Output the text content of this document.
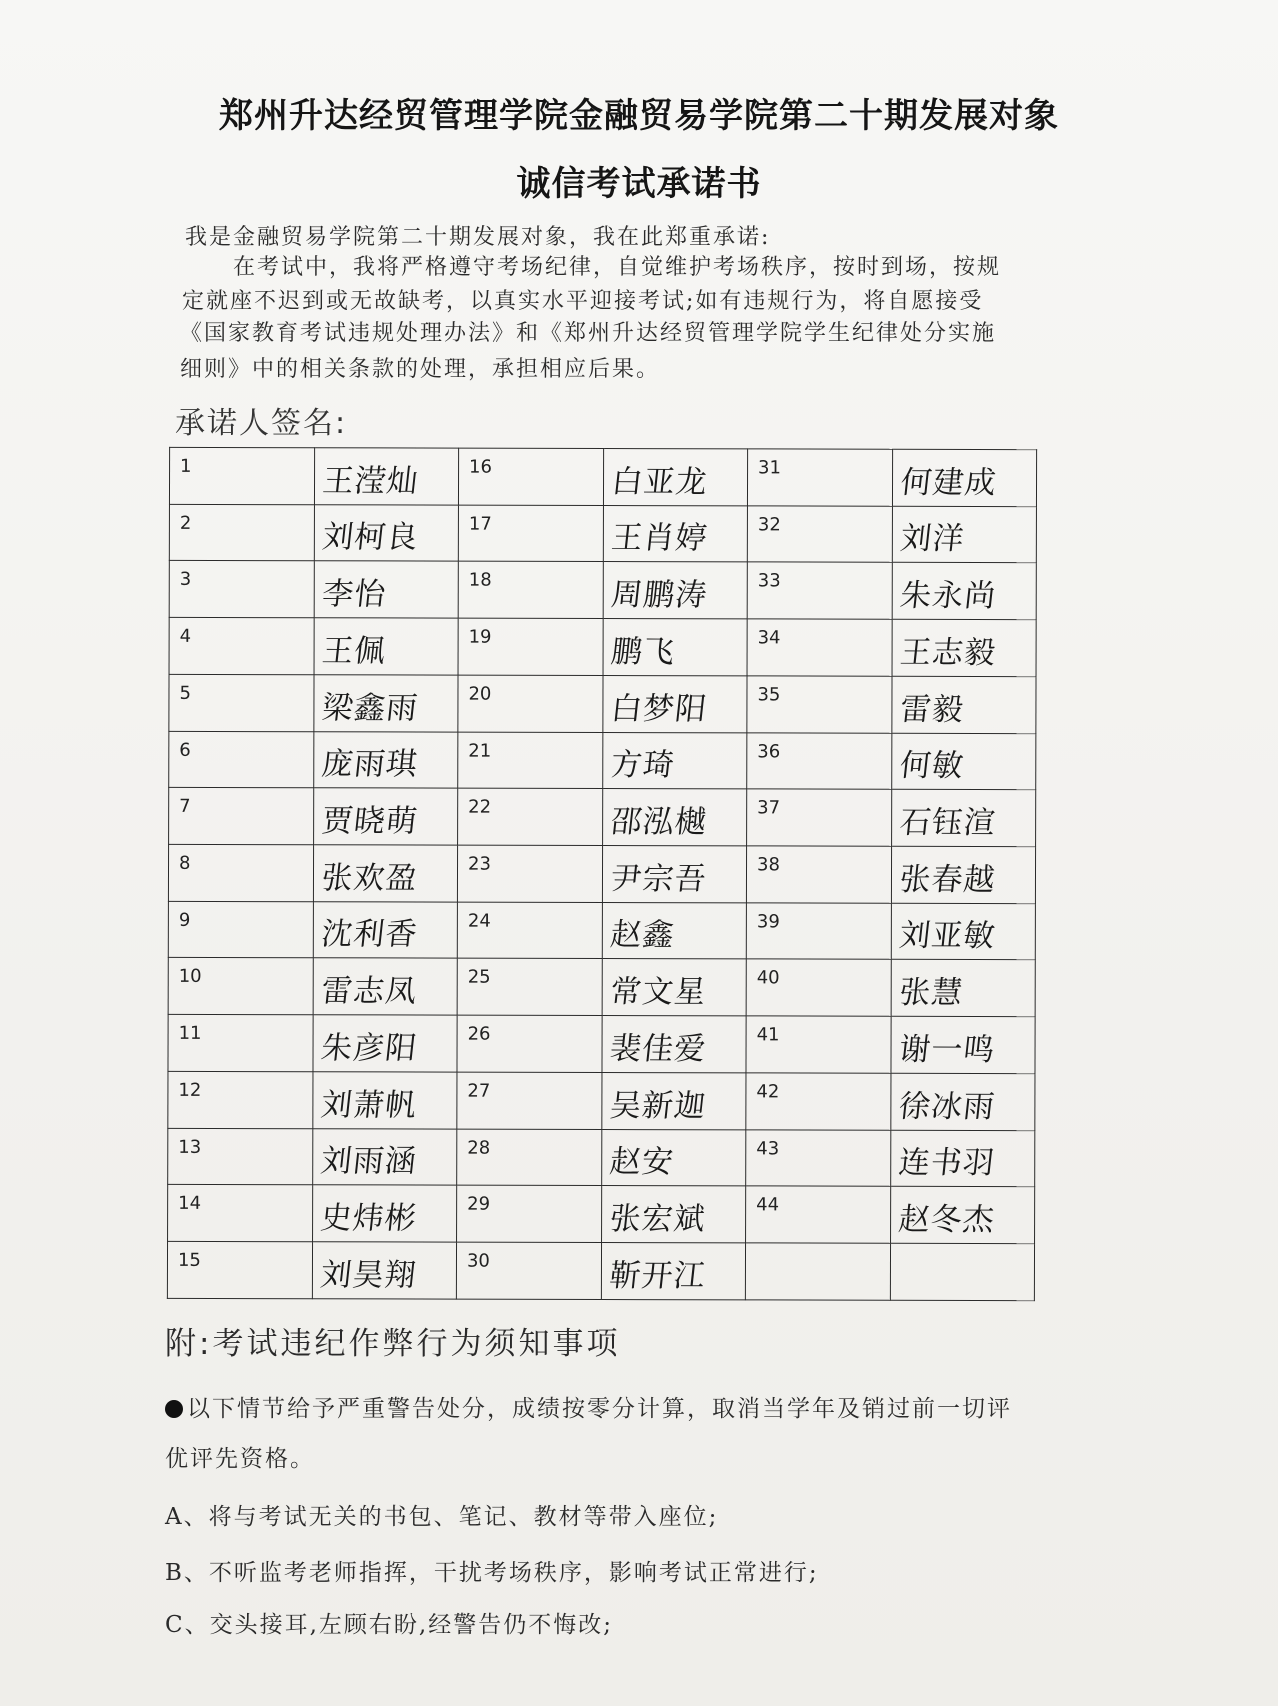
郑州升达经贸管理学院金融贸易学院第二十期发展对象
诚信考试承诺书
我是金融贸易学院第二十期发展对象，我在此郑重承诺:
在考试中，我将严格遵守考场纪律，自觉维护考场秩序，按时到场，按规
定就座不迟到或无故缺考，以真实水平迎接考试;如有违规行为，将自愿接受
《国家教育考试违规处理办法》和《郑州升达经贸管理学院学生纪律处分实施
细则》中的相关条款的处理，承担相应后果。
承诺人签名:
1	王滢灿	16	白亚龙	31	何建成

2	刘柯良	17	王肖婷	32	刘洋

3	李怡	18	周鹏涛	33	朱永尚

4	王佩	19	鹏飞	34	王志毅

5	梁鑫雨	20	白梦阳	35	雷毅

6	庞雨琪	21	方琦	36	何敏

7	贾晓萌	22	邵泓樾	37	石钰渲

8	张欢盈	23	尹宗吾	38	张春越

9	沈利香	24	赵鑫	39	刘亚敏

10	雷志凤	25	常文星	40	张慧

11	朱彦阳	26	裴佳爱	41	谢一鸣

12	刘萧帆	27	吴新迦	42	徐冰雨

13	刘雨涵	28	赵安	43	连书羽

14	史炜彬	29	张宏斌	44	赵冬杰

15	刘昊翔	30	靳开江		

附:考试违纪作弊行为须知事项
以下情节给予严重警告处分，成绩按零分计算，取消当学年及销过前一切评
优评先资格。
A、将与考试无关的书包、笔记、教材等带入座位;
B、不听监考老师指挥，干扰考场秩序，影响考试正常进行;
C、交头接耳,左顾右盼,经警告仍不悔改;
